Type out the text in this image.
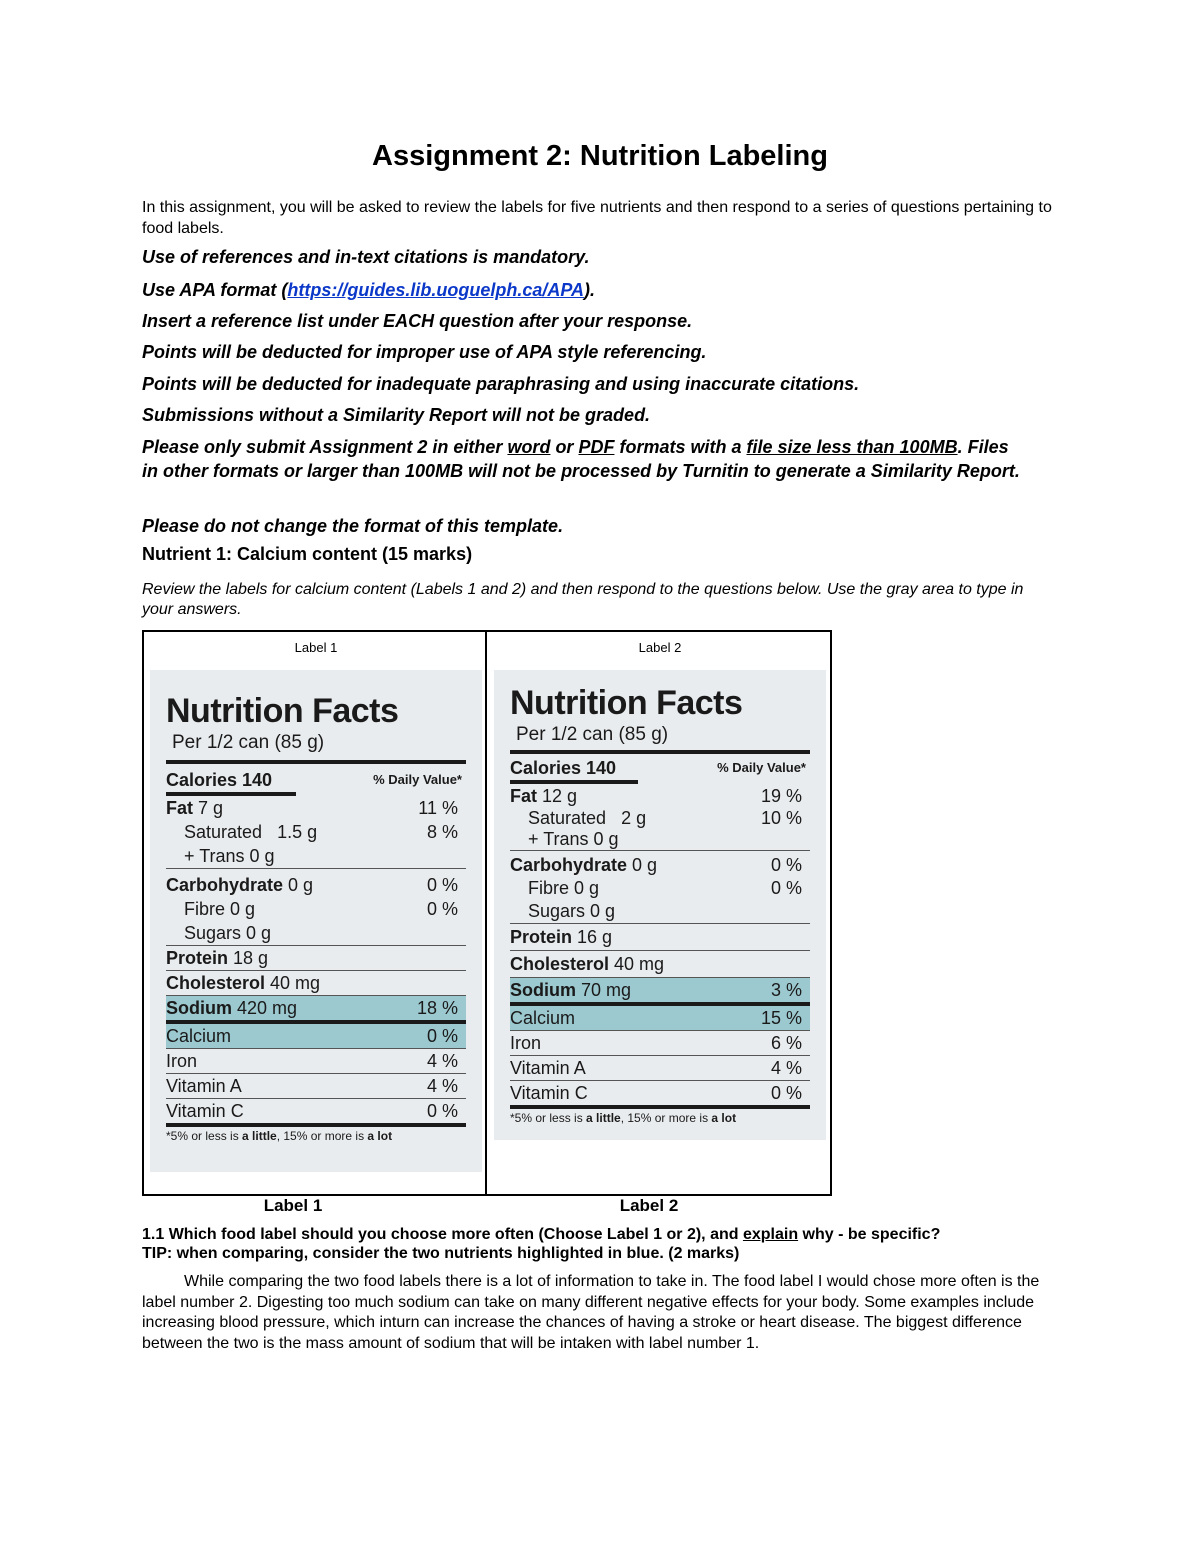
Assignment 2: Nutrition Labeling

In this assignment, you will be asked to review the labels for five nutrients and then respond to a series of questions pertaining to food labels.

Use of references and in-text citations is mandatory.

Use APA format (https://guides.lib.uoguelph.ca/APA).

Insert a reference list under EACH question after your response.

Points will be deducted for improper use of APA style referencing.

Points will be deducted for inadequate paraphrasing and using inaccurate citations.

Submissions without a Similarity Report will not be graded.

Please only submit Assignment 2 in either word or PDF formats with a file size less than 100MB. Files in other formats or larger than 100MB will not be processed by Turnitin to generate a Similarity Report.

Please do not change the format of this template.

Nutrient 1: Calcium content (15 marks)

Review the labels for calcium content (Labels 1 and 2) and then respond to the questions below. Use the gray area to type in your answers.

Label 1	Label 2
Nutrition Facts
Per 1/2 can (85 g)
Calories 140	% Daily Value*
Fat 7 g	11 %
Saturated 1.5 g	8 %
+ Trans 0 g
Carbohydrate 0 g	0 %
Fibre 0 g	0 %
Sugars 0 g
Protein 18 g
Cholesterol 40 mg
Sodium 420 mg	18 %
Calcium	0 %
Iron	4 %
Vitamin A	4 %
Vitamin C	0 %
*5% or less is a little, 15% or more is a lot
Nutrition Facts
Per 1/2 can (85 g)
Calories 140	% Daily Value*
Fat 12 g	19 %
Saturated 2 g	10 %
+ Trans 0 g
Carbohydrate 0 g	0 %
Fibre 0 g	0 %
Sugars 0 g
Protein 16 g
Cholesterol 40 mg
Sodium 70 mg	3 %
Calcium	15 %
Iron	6 %
Vitamin A	4 %
Vitamin C	0 %
*5% or less is a little, 15% or more is a lot
Label 1	Label 2

1.1 Which food label should you choose more often (Choose Label 1 or 2), and explain why - be specific?
TIP: when comparing, consider the two nutrients highlighted in blue. (2 marks)

While comparing the two food labels there is a lot of information to take in. The food label I would chose more often is the label number 2. Digesting too much sodium can take on many different negative effects for your body. Some examples include increasing blood pressure, which inturn can increase the chances of having a stroke or heart disease. The biggest difference between the two is the mass amount of sodium that will be intaken with label number 1.
